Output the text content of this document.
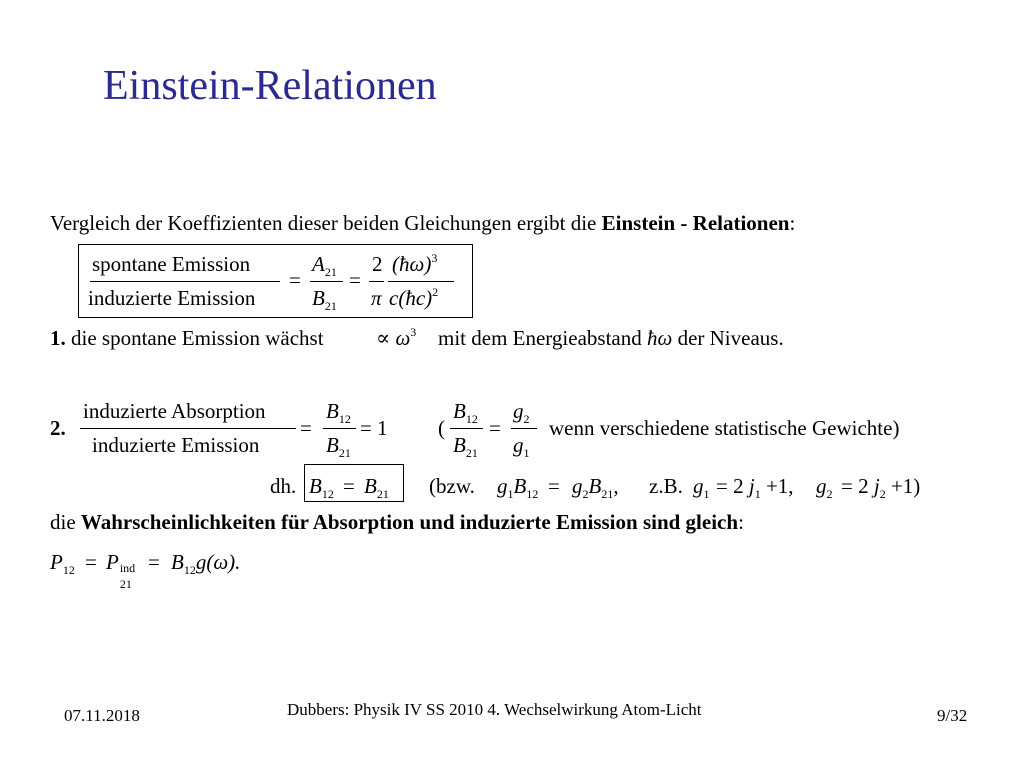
Einstein-Relationen
Vergleich der Koeffizienten dieser beiden Gleichungen ergibt die Einstein - Relationen:
spontane Emission
induzierte Emission
=
$A_{21}$
$B_{21}$
=
2
π
(ħω)$^3$
c(ħc)$^2$
1. die spontane Emission wächst ∝ $\omega^3$ mit dem Energieabstand ħω der Niveaus.
2.
induzierte Absorption
induzierte Emission
=
$B_{12}$
$B_{21}$
= 1 (
$B_{12}$
$B_{21}$
=
$g_2$
$g_1$
wenn verschiedene statistische Gewichte)
dh. $B_{12} = B_{21}$ (bzw. $g_1B_{12} = g_2B_{21}$, z.B. $g_1 = 2$ $j_1 +1$, $g_2 = 2$ $j_2 +1$)
die Wahrscheinlichkeiten für Absorption und induzierte Emission sind gleich:
$P_{12} = P$ ind
21
= $B_{12}g(\omega)$.
07.11.2018	Dubbers: Physik IV SS 2010 4. Wechselwirkung Atom-Licht	9/32
